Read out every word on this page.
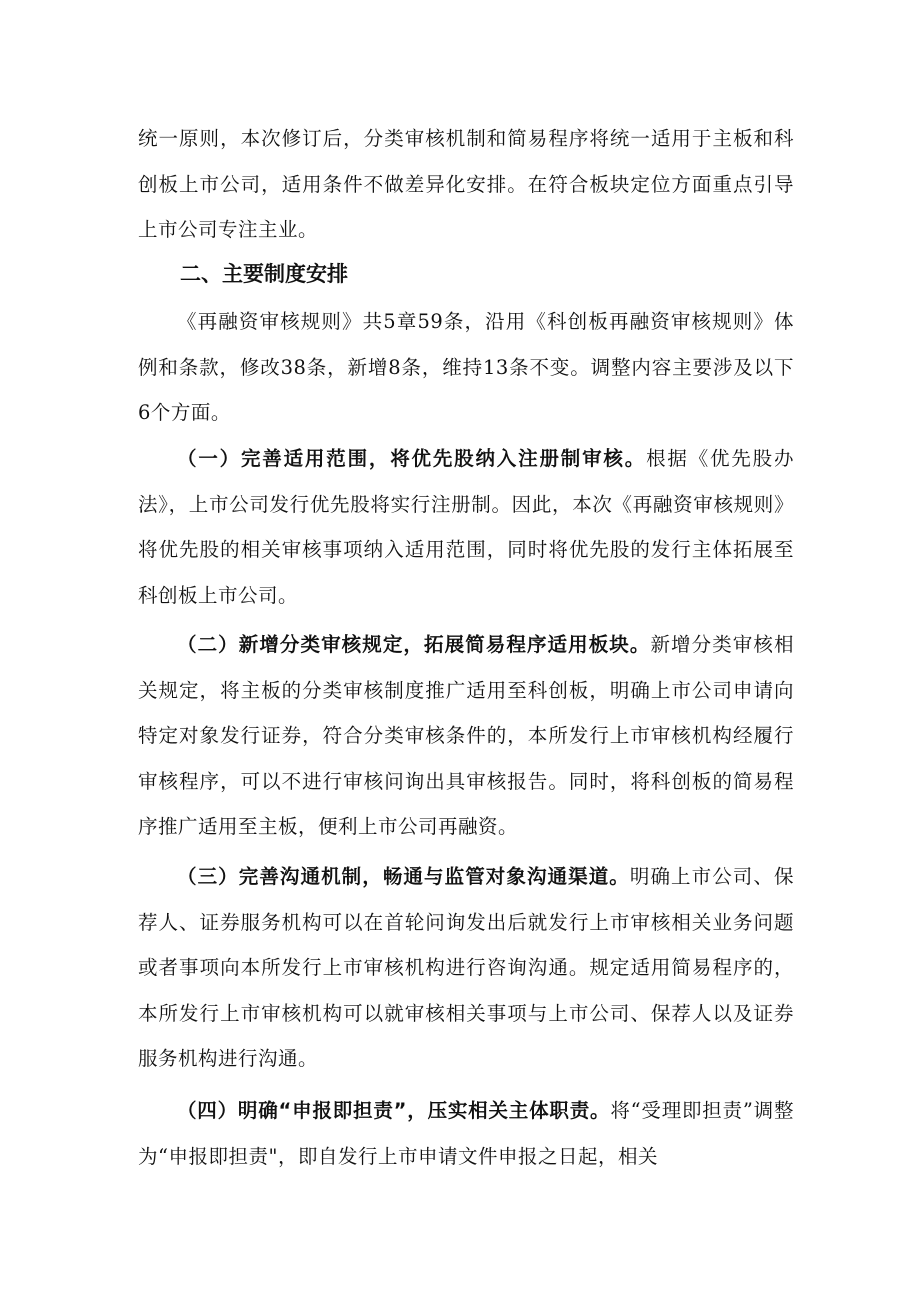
统一原则，本次修订后，分类审核机制和简易程序将统一适用于主板和科创板上市公司，适用条件不做差异化安排。在符合板块定位方面重点引导上市公司专注主业。

二、主要制度安排

《再融资审核规则》共5章59条，沿用《科创板再融资审核规则》体例和条款，修改38条，新增8条，维持13条不变。调整内容主要涉及以下6个方面。

（一）完善适用范围，将优先股纳入注册制审核。根据《优先股办法》，上市公司发行优先股将实行注册制。因此，本次《再融资审核规则》将优先股的相关审核事项纳入适用范围，同时将优先股的发行主体拓展至科创板上市公司。

（二）新增分类审核规定，拓展简易程序适用板块。新增分类审核相关规定，将主板的分类审核制度推广适用至科创板，明确上市公司申请向特定对象发行证券，符合分类审核条件的，本所发行上市审核机构经履行审核程序，可以不进行审核问询出具审核报告。同时，将科创板的简易程序推广适用至主板，便利上市公司再融资。

（三）完善沟通机制，畅通与监管对象沟通渠道。明确上市公司、保荐人、证券服务机构可以在首轮问询发出后就发行上市审核相关业务问题或者事项向本所发行上市审核机构进行咨询沟通。规定适用简易程序的，本所发行上市审核机构可以就审核相关事项与上市公司、保荐人以及证券服务机构进行沟通。

（四）明确“申报即担责”，压实相关主体职责。将“受理即担责”调整为“申报即担责"，即自发行上市申请文件申报之日起，相关
